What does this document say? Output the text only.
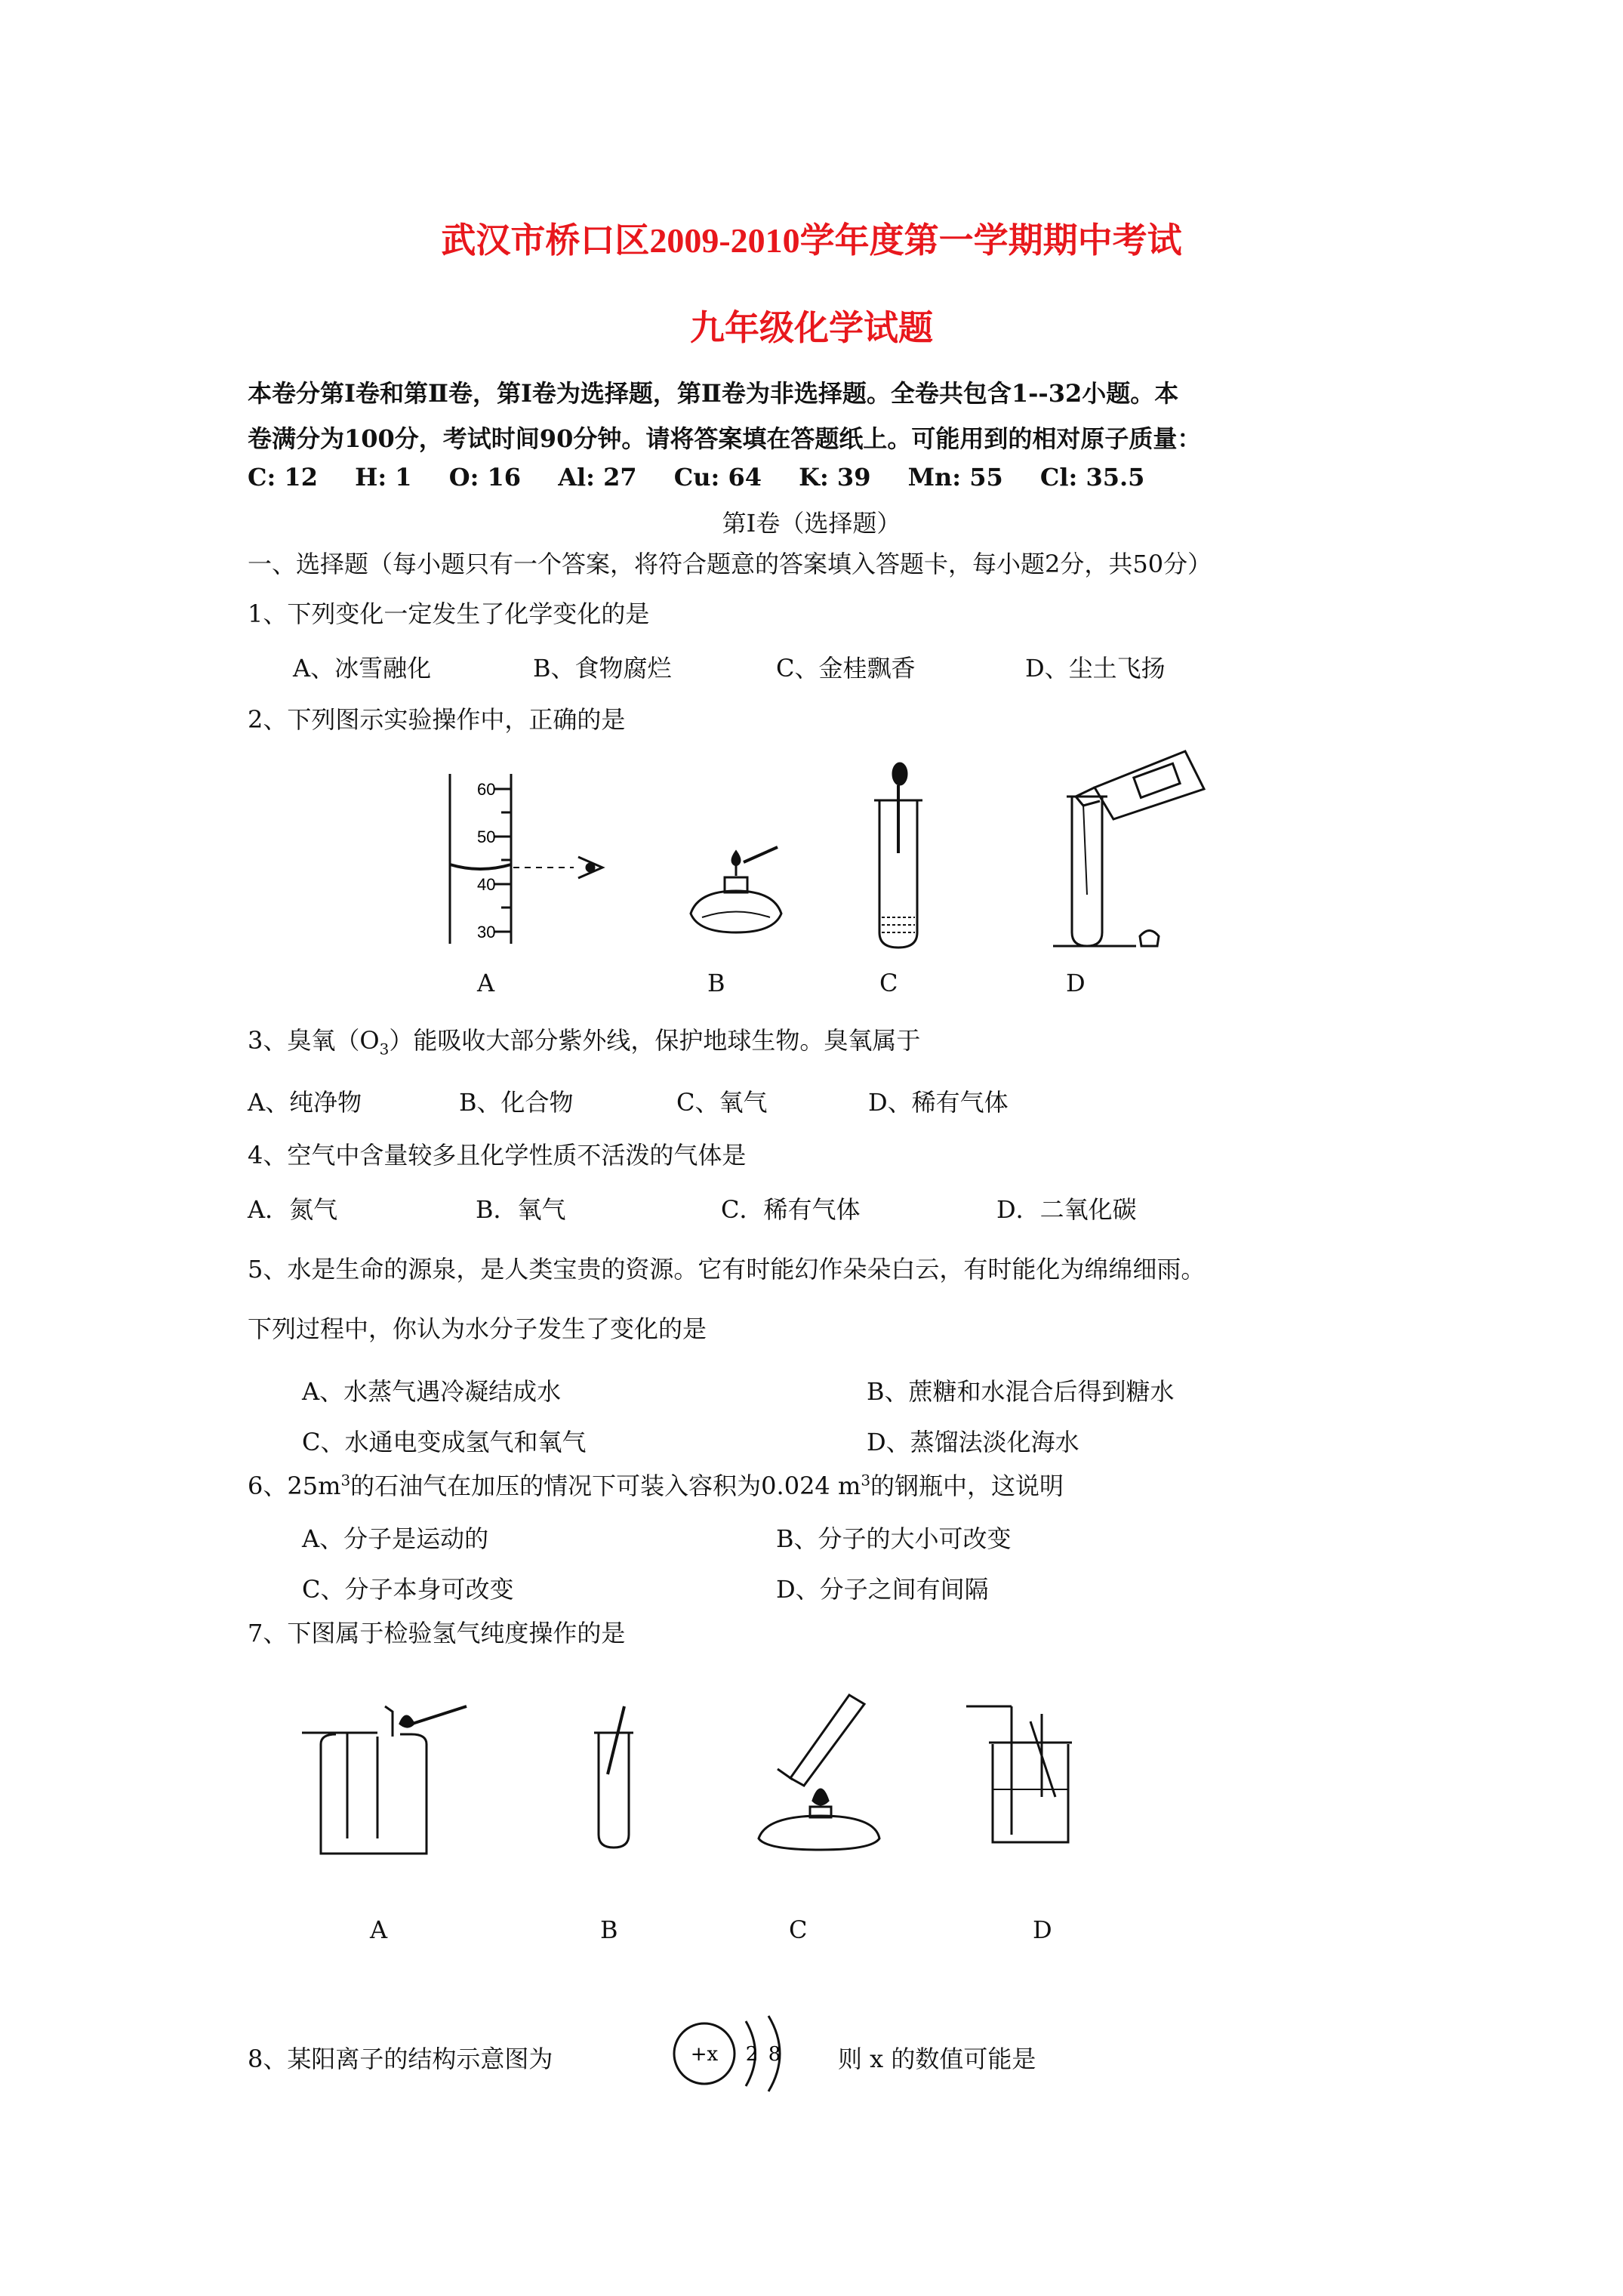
武汉市桥口区2009-2010学年度第一学期期中考试
九年级化学试题
本卷分第Ⅰ卷和第Ⅱ卷，第Ⅰ卷为选择题，第Ⅱ卷为非选择题。全卷共包含1--32小题。本
卷满分为100分，考试时间90分钟。请将答案填在答题纸上。可能用到的相对原子质量：
C: 12 H: 1 O: 16 Al: 27 Cu: 64 K: 39 Mn: 55 Cl: 35.5
第Ⅰ卷（选择题）
一、选择题（每小题只有一个答案，将符合题意的答案填入答题卡，每小题2分，共50分）
1、下列变化一定发生了化学变化的是
A、冰雪融化	B、食物腐烂	C、金桂飘香	D、尘土飞扬
2、下列图示实验操作中，正确的是
60
50
40
30
A	B	C	D
3、臭氧$(O_3)$能吸收大部分紫外线，保护地球生物。臭氧属于
A、纯净物	B、化合物	C、氧气	D、稀有气体
4、空气中含量较多且化学性质不活泼的气体是
A．氮气	B．氧气	C．稀有气体	D．二氧化碳
5、水是生命的源泉，是人类宝贵的资源。它有时能幻作朵朵白云，有时能化为绵绵细雨。
下列过程中，你认为水分子发生了变化的是
A、水蒸气遇冷凝结成水	B、蔗糖和水混合后得到糖水
C、水通电变成氢气和氧气	D、蒸馏法淡化海水
6、$25m^3$的石油气在加压的情况下可装入容积为0.024 $m^3$的钢瓶中，这说明
A、分子是运动的	B、分子的大小可改变
C、分子本身可改变	D、分子之间有间隔
7、下图属于检验氢气纯度操作的是
A	B	C	D
8、某阳离子的结构示意图为	+x 2 8 则 x 的数值可能是
